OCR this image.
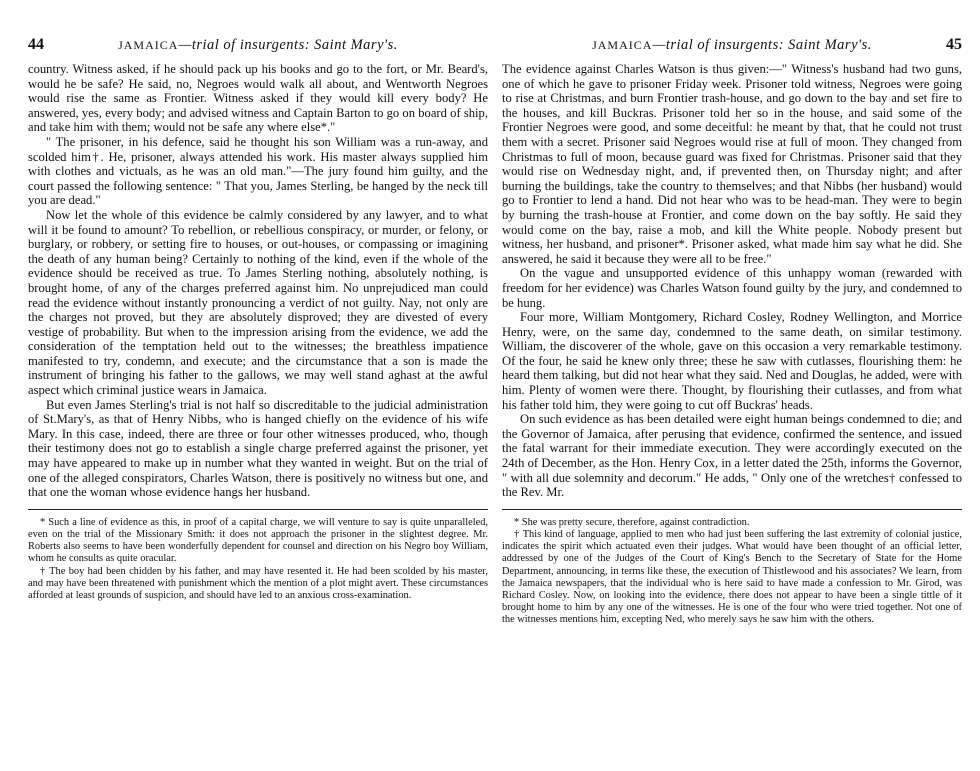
44	JAMAICA—trial of insurgents: Saint Mary's.

country. Witness asked, if he should pack up his books and go to the fort, or Mr. Beard's, would he be safe? He said, no, Negroes would walk all about, and Wentworth Negroes would rise the same as Frontier. Witness asked if they would kill every body? He answered, yes, every body; and advised witness and Captain Barton to go on board of ship, and take him with them; would not be safe any where else*."

" The prisoner, in his defence, said he thought his son William was a run-away, and scolded him†. He, prisoner, always attended his work. His master always supplied him with clothes and victuals, as he was an old man."—The jury found him guilty, and the court passed the following sentence: " That you, James Sterling, be hanged by the neck till you are dead."

Now let the whole of this evidence be calmly considered by any lawyer, and to what will it be found to amount? To rebellion, or rebellious conspiracy, or murder, or felony, or burglary, or robbery, or setting fire to houses, or out-houses, or compassing or imagining the death of any human being? Certainly to nothing of the kind, even if the whole of the evidence should be received as true. To James Sterling nothing, absolutely nothing, is brought home, of any of the charges preferred against him. No unprejudiced man could read the evidence without instantly pronouncing a verdict of not guilty. Nay, not only are the charges not proved, but they are absolutely disproved; they are divested of every vestige of probability. But when to the impression arising from the evidence, we add the consideration of the temptation held out to the witnesses; the breathless impatience manifested to try, condemn, and execute; and the circumstance that a son is made the instrument of bringing his father to the gallows, we may well stand aghast at the awful aspect which criminal justice wears in Jamaica.

But even James Sterling's trial is not half so discreditable to the judicial administration of St.Mary's, as that of Henry Nibbs, who is hanged chiefly on the evidence of his wife Mary. In this case, indeed, there are three or four other witnesses produced, who, though their testimony does not go to establish a single charge preferred against the prisoner, yet may have appeared to make up in number what they wanted in weight. But on the trial of one of the alleged conspirators, Charles Watson, there is positively no witness but one, and that one the woman whose evidence hangs her husband.

* Such a line of evidence as this, in proof of a capital charge, we will venture to say is quite unparalleled, even on the trial of the Missionary Smith: it does not approach the prisoner in the slightest degree. Mr. Roberts also seems to have been wonderfully dependent for counsel and direction on his Negro boy William, whom he consults as quite oracular.

† The boy had been chidden by his father, and may have resented it. He had been scolded by his master, and may have been threatened with punishment which the mention of a plot might avert. These circumstances afforded at least grounds of suspicion, and should have led to an anxious cross-examination.

JAMAICA—trial of insurgents: Saint Mary's.	45

The evidence against Charles Watson is thus given:—" Witness's husband had two guns, one of which he gave to prisoner Friday week. Prisoner told witness, Negroes were going to rise at Christmas, and burn Frontier trash-house, and go down to the bay and set fire to the houses, and kill Buckras. Prisoner told her so in the house, and said some of the Frontier Negroes were good, and some deceitful: he meant by that, that he could not trust them with a secret. Prisoner said Negroes would rise at full of moon. They changed from Christmas to full of moon, because guard was fixed for Christmas. Prisoner said that they would rise on Wednesday night, and, if prevented then, on Thursday night; and after burning the buildings, take the country to themselves; and that Nibbs (her husband) would go to Frontier to lend a hand. Did not hear who was to be head-man. They were to begin by burning the trash-house at Frontier, and come down on the bay softly. He said they would come on the bay, raise a mob, and kill the White people. Nobody present but witness, her husband, and prisoner*. Prisoner asked, what made him say what he did. She answered, he said it because they were all to be free."

On the vague and unsupported evidence of this unhappy woman (rewarded with freedom for her evidence) was Charles Watson found guilty by the jury, and condemned to be hung.

Four more, William Montgomery, Richard Cosley, Rodney Wellington, and Morrice Henry, were, on the same day, condemned to the same death, on similar testimony. William, the discoverer of the whole, gave on this occasion a very remarkable testimony. Of the four, he said he knew only three; these he saw with cutlasses, flourishing them: he heard them talking, but did not hear what they said. Ned and Douglas, he added, were with him. Plenty of women were there. Thought, by flourishing their cutlasses, and from what his father told him, they were going to cut off Buckras' heads.

On such evidence as has been detailed were eight human beings condemned to die; and the Governor of Jamaica, after perusing that evidence, confirmed the sentence, and issued the fatal warrant for their immediate execution. They were accordingly executed on the 24th of December, as the Hon. Henry Cox, in a letter dated the 25th, informs the Governor, " with all due solemnity and decorum." He adds, " Only one of the wretches† confessed to the Rev. Mr.

* She was pretty secure, therefore, against contradiction.

† This kind of language, applied to men who had just been suffering the last extremity of colonial justice, indicates the spirit which actuated even their judges. What would have been thought of an official letter, addressed by one of the Judges of the Court of King's Bench to the Secretary of State for the Home Department, announcing, in terms like these, the execution of Thistlewood and his associates? We learn, from the Jamaica newspapers, that the individual who is here said to have made a confession to Mr. Girod, was Richard Cosley. Now, on looking into the evidence, there does not appear to have been a single tittle of it brought home to him by any one of the witnesses. He is one of the four who were tried together. Not one of the witnesses mentions him, excepting Ned, who merely says he saw him with the others.
